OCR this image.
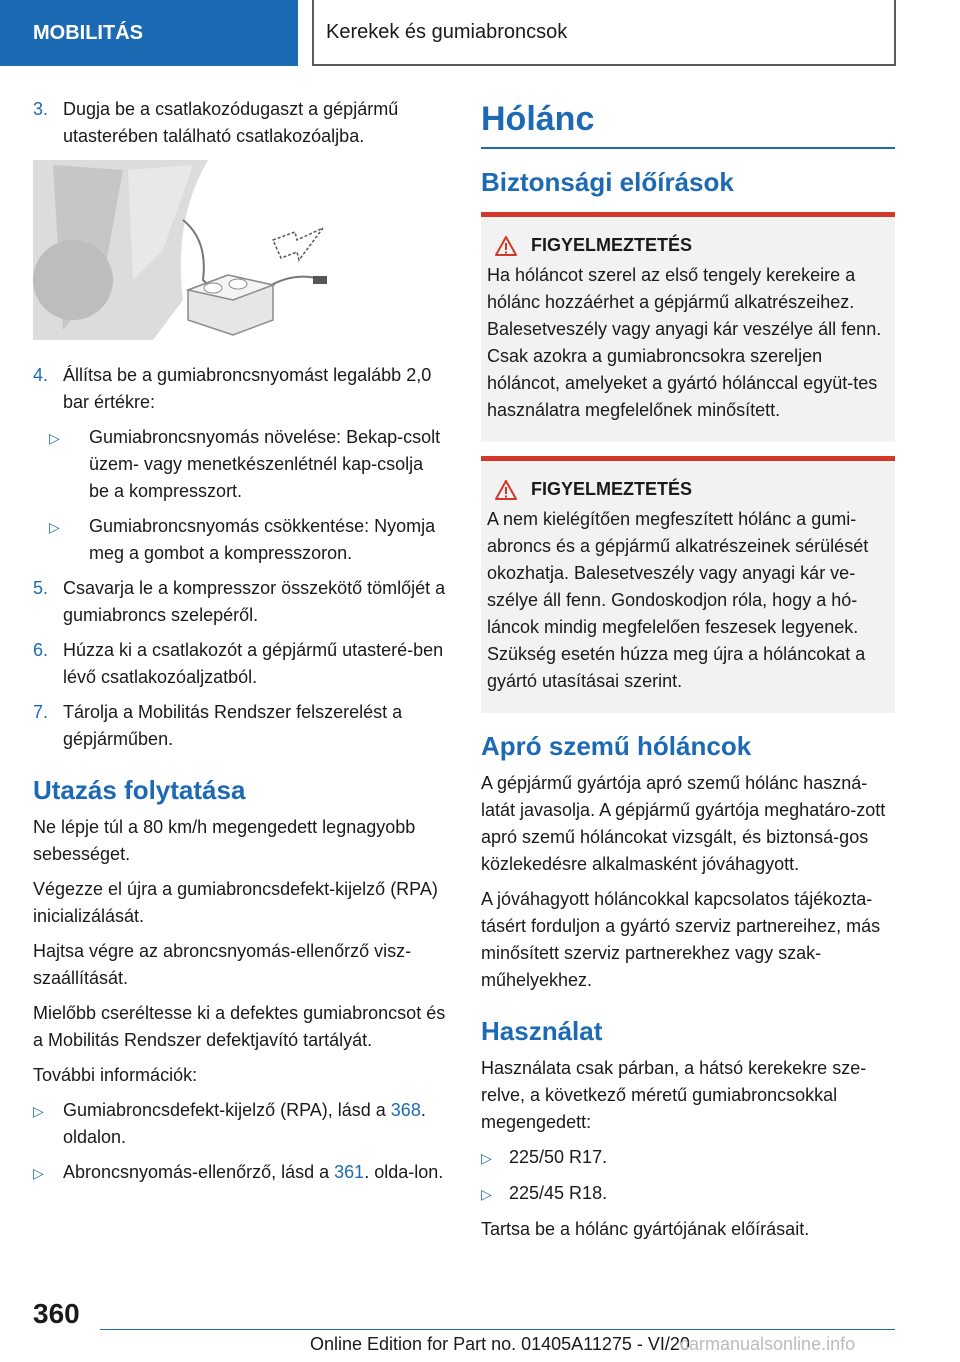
MOBILITÁS	Kerekek és gumiabroncsok
3. Dugja be a csatlakozódugaszt a gépjármű utasterében található csatlakozóaljba.
4. Állítsa be a gumiabroncsnyomást legalább 2,0 bar értékre:
▷	Gumiabroncsnyomás növelése: Bekap-csolt üzem- vagy menetkészenlétnél kap-csolja be a kompresszort.
▷	Gumiabroncsnyomás csökkentése: Nyomja meg a gombot a kompresszoron.
5. Csavarja le a kompresszor összekötő tömlőjét a gumiabroncs szelepéről.
6. Húzza ki a csatlakozót a gépjármű utasteré-ben lévő csatlakozóaljzatból.
7. Tárolja a Mobilitás Rendszer felszerelést a gépjárműben.
Utazás folytatása

Ne lépje túl a 80 km/h megengedett legnagyobb sebességet.

Végezze el újra a gumiabroncsdefekt-kijelző (RPA) inicializálását.

Hajtsa végre az abroncsnyomás-ellenőrző visz-szaállítását.

Mielőbb cseréltesse ki a defektes gumiabroncsot és a Mobilitás Rendszer defektjavító tartályát.

További információk:

▷	Gumiabroncsdefekt-kijelző (RPA), lásd a 368. oldalon.
▷	Abroncsnyomás-ellenőrző, lásd a 361. olda-lon.
Hólánc
Biztonsági előírások
FIGYELMEZTETÉS
Ha hóláncot szerel az első tengely kerekeire a hólánc hozzáérhet a gépjármű alkatrészeihez. Balesetveszély vagy anyagi kár veszélye áll fenn. Csak azokra a gumiabroncsokra szereljen hóláncot, amelyeket a gyártó hólánccal együt-tes használatra megfelelőnek minősített.
FIGYELMEZTETÉS
A nem kielégítően megfeszített hólánc a gumi-abroncs és a gépjármű alkatrészeinek sérülését okozhatja. Balesetveszély vagy anyagi kár ve-szélye áll fenn. Gondoskodjon róla, hogy a hó-láncok mindig megfelelően feszesek legyenek. Szükség esetén húzza meg újra a hóláncokat a gyártó utasításai szerint.
Apró szemű hóláncok

A gépjármű gyártója apró szemű hólánc haszná-latát javasolja. A gépjármű gyártója meghatáro-zott apró szemű hóláncokat vizsgált, és biztonsá-gos közlekedésre alkalmasként jóváhagyott.

A jóváhagyott hóláncokkal kapcsolatos tájékozta-tásért forduljon a gyártó szerviz partnereihez, más minősített szerviz partnerekhez vagy szak-műhelyekhez.

Használat

Használata csak párban, a hátsó kerekekre sze-relve, a következő méretű gumiabroncsokkal megengedett:

▷ 225/50 R17.
▷ 225/45 R18.

Tartsa be a hólánc gyártójának előírásait.

360
Online Edition for Part no. 01405A11275 - VI/20
carmanualsonline.info
